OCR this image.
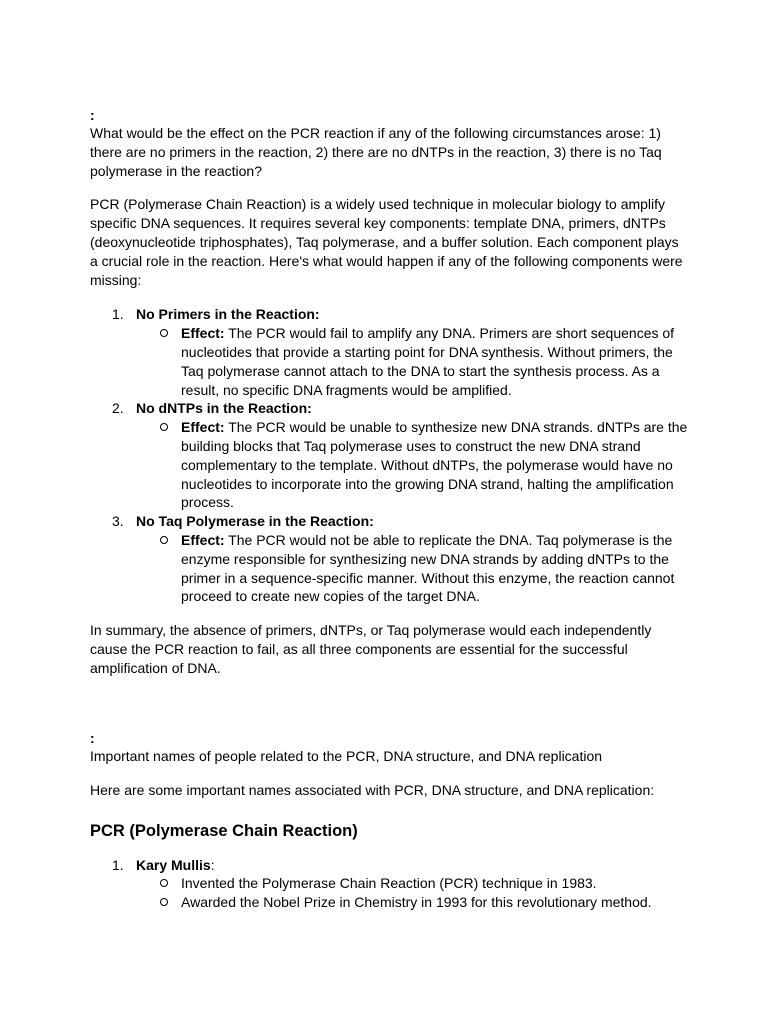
:

What would be the effect on the PCR reaction if any of the following circumstances arose: 1) there are no primers in the reaction, 2) there are no dNTPs in the reaction, 3) there is no Taq polymerase in the reaction?

PCR (Polymerase Chain Reaction) is a widely used technique in molecular biology to amplify specific DNA sequences. It requires several key components: template DNA, primers, dNTPs (deoxynucleotide triphosphates), Taq polymerase, and a buffer solution. Each component plays a crucial role in the reaction. Here's what would happen if any of the following components were missing:

1. No Primers in the Reaction:
Effect: The PCR would fail to amplify any DNA. Primers are short sequences of nucleotides that provide a starting point for DNA synthesis. Without primers, the Taq polymerase cannot attach to the DNA to start the synthesis process. As a result, no specific DNA fragments would be amplified.
2. No dNTPs in the Reaction:
Effect: The PCR would be unable to synthesize new DNA strands. dNTPs are the building blocks that Taq polymerase uses to construct the new DNA strand complementary to the template. Without dNTPs, the polymerase would have no nucleotides to incorporate into the growing DNA strand, halting the amplification process.
3. No Taq Polymerase in the Reaction:
Effect: The PCR would not be able to replicate the DNA. Taq polymerase is the enzyme responsible for synthesizing new DNA strands by adding dNTPs to the primer in a sequence-specific manner. Without this enzyme, the reaction cannot proceed to create new copies of the target DNA.

In summary, the absence of primers, dNTPs, or Taq polymerase would each independently cause the PCR reaction to fail, as all three components are essential for the successful amplification of DNA.

:

Important names of people related to the PCR, DNA structure, and DNA replication

Here are some important names associated with PCR, DNA structure, and DNA replication:

PCR (Polymerase Chain Reaction)
1. Kary Mullis:
Invented the Polymerase Chain Reaction (PCR) technique in 1983.
Awarded the Nobel Prize in Chemistry in 1993 for this revolutionary method.
